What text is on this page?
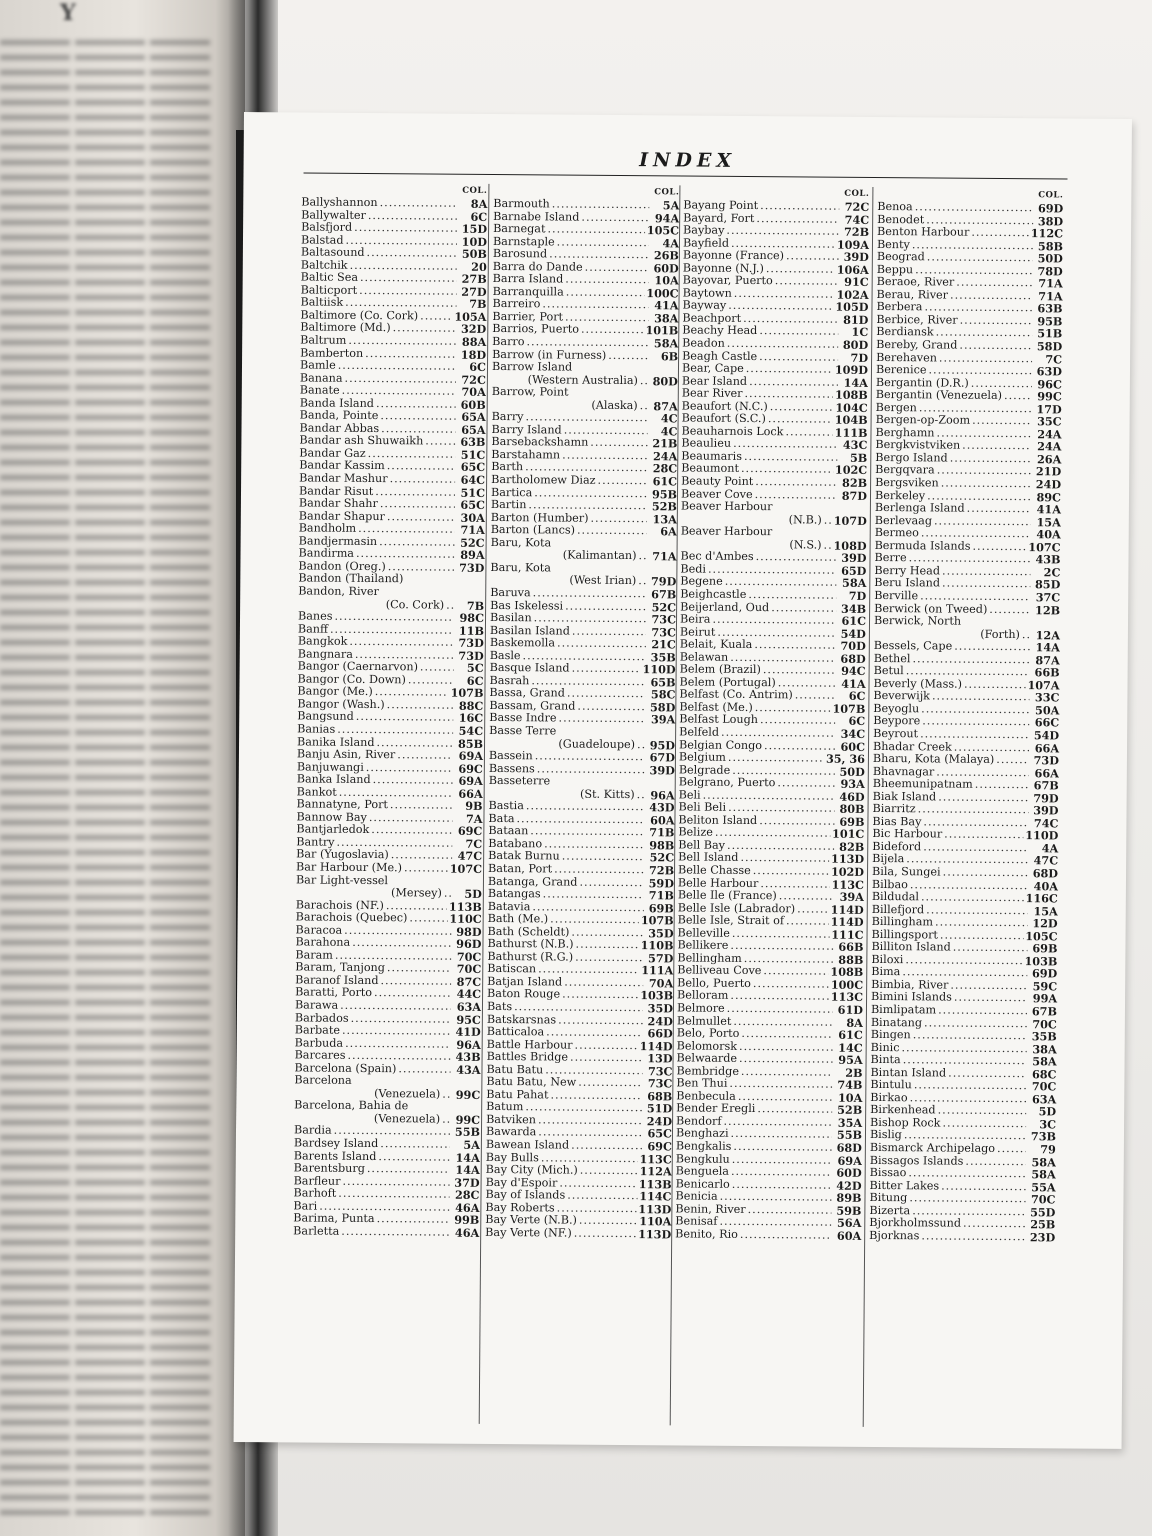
Y
INDEX
COL.
Ballyshannon .....	8A
Ballywalter .....	6C
Balsfjord .....	15D
Balstad .....	10D
Baltasound .....	50B
Baltchik .....	20
Baltic Sea .....	27B
Balticport .....	27D
Baltiisk .....	7B
Baltimore (Co. Cork) .....	105A
Baltimore (Md.) .....	32D
Baltrum .....	88A
Bamberton .....	18D
Bamle .....	6C
Banana .....	72C
Banate .....	70A
Banda Island .....	60B
Banda, Pointe .....	65A
Bandar Abbas .....	65A
Bandar ash Shuwaikh .....	63B
Bandar Gaz .....	51C
Bandar Kassim .....	65C
Bandar Mashur .....	64C
Bandar Risut .....	51C
Bandar Shahr .....	65C
Bandar Shapur .....	30A
Bandholm .....	71A
Bandjermasin .....	52C
Bandirma .....	89A
Bandon (Oreg.) .....	73D
Bandon (Thailand)
Bandon, River
(Co. Cork) .....	7B
Banes .....	98C
Banff .....	11B
Bangkok .....	73D
Bangnara .....	73D
Bangor (Caernarvon) .....	5C
Bangor (Co. Down) .....	6C
Bangor (Me.) .....	107B
Bangor (Wash.) .....	88C
Bangsund .....	16C
Banias .....	54C
Banika Island .....	85B
Banju Asin, River .....	69A
Banjuwangi .....	69C
Banka Island .....	69A
Bankot .....	66A
Bannatyne, Port .....	9B
Bannow Bay .....	7A
Bantjarledok .....	69C
Bantry .....	7C
Bar (Yugoslavia) .....	47C
Bar Harbour (Me.) .....	107C
Bar Light-vessel
(Mersey) .....	5D
Barachois (NF.) .....	113B
Barachois (Quebec) .....	110C
Baracoa .....	98D
Barahona .....	96D
Baram .....	70C
Baram, Tanjong .....	70C
Baranof Island .....	87C
Baratti, Porto .....	44C
Barawa .....	63A
Barbados .....	95C
Barbate .....	41D
Barbuda .....	96A
Barcares .....	43B
Barcelona (Spain) .....	43A
Barcelona
(Venezuela) .....	99C
Barcelona, Bahia de
(Venezuela) .....	99C
Bardia .....	55B
Bardsey Island .....	5A
Barents Island .....	14A
Barentsburg .....	14A
Barfleur .....	37D
Barhoft .....	28C
Bari .....	46A
Barima, Punta .....	99B
Barletta .....	46A
COL.
Barmouth .....	5A
Barnabe Island .....	94A
Barnegat .....	105C
Barnstaple .....	4A
Barosund .....	26B
Barra do Dande .....	60D
Barra Island .....	10A
Barranquilla .....	100C
Barreiro .....	41A
Barrier, Port .....	38A
Barrios, Puerto .....	101B
Barro .....	58A
Barrow (in Furness) .....	6B
Barrow Island
(Western Australia) ..... 80D
Barrow, Point
(Alaska) .....	87A
Barry .....	4C
Barry Island .....	4C
Barsebackshamn .....	21B
Barstahamn .....	24A
Barth .....	28C
Bartholomew Diaz .....	61C
Bartica .....	95B
Bartin .....	52B
Barton (Humber) .....	13A
Barton (Lancs) .....	6A
Baru, Kota
(Kalimantan) .....	71A
Baru, Kota
(West Irian) ..... 79D
Baruva .....	67B
Bas Iskelessi .....	52C
Basilan .....	73C
Basilan Island .....	73C
Baskemolla .....	21C
Basle .....	35B
Basque Island .....	110D
Basrah .....	65B
Bassa, Grand .....	58C
Bassam, Grand .....	58D
Basse Indre .....	39A
Basse Terre
(Guadeloupe) ..... 95D
Bassein .....	67D
Bassens .....	39D
Basseterre
(St. Kitts) .....	96A
Bastia .....	43D
Bata .....	60A
Bataan .....	71B
Batabano .....	98B
Batak Burnu .....	52C
Batan, Port .....	72B
Batanga, Grand .....	59D
Batangas .....	71B
Batavia .....	69B
Bath (Me.) .....	107B
Bath (Scheldt) .....	35D
Bathurst (N.B.) .....	110B
Bathurst (R.G.) .....	57D
Batiscan .....	111A
Batjan Island .....	70A
Baton Rouge .....	103B
Bats .....	35D
Batskarsnas .....	24D
Batticaloa .....	66D
Battle Harbour .....	114D
Battles Bridge .....	13D
Batu Batu .....	73C
Batu Batu, New .....	73C
Batu Pahat .....	68B
Batum .....	51D
Batviken .....	24D
Bawarda .....	65C
Bawean Island .....	69C
Bay Bulls .....	113C
Bay City (Mich.) .....	112A
Bay d'Espoir .....	113B
Bay of Islands .....	114C
Bay Roberts .....	113D
Bay Verte (N.B.) .....	110A
Bay Verte (NF.) .....	113D
COL.
Bayang Point .....	72C
Bayard, Fort .....	74C
Baybay .....	72B
Bayfield .....	109A
Bayonne (France) .....	39D
Bayonne (N.J.) .....	106A
Bayovar, Puerto .....	91C
Baytown .....	102A
Bayway .....	105D
Beachport .....	81D
Beachy Head .....	1C
Beadon .....	80D
Beagh Castle .....	7D
Bear, Cape .....	109D
Bear Island .....	14A
Bear River .....	108B
Beaufort (N.C.) .....	104C
Beaufort (S.C.) .....	104B
Beauharnois Lock .....	111B
Beaulieu .....	43C
Beaumaris .....	5B
Beaumont .....	102C
Beauty Point .....	82B
Beaver Cove .....	87D
Beaver Harbour
(N.B.) ..... 107D
Beaver Harbour
(N.S.) ..... 108D
Bec d'Ambes .....	39D
Bedi .....	65D
Begene .....	58A
Beighcastle .....	7D
Beijerland, Oud .....	34B
Beira .....	61C
Beirut .....	54D
Belait, Kuala .....	70D
Belawan .....	68D
Belem (Brazil) .....	94C
Belem (Portugal) .....	41A
Belfast (Co. Antrim) .....	6C
Belfast (Me.) .....	107B
Belfast Lough .....	6C
Belfeld .....	34C
Belgian Congo .....	60C
Belgium .....	35, 36
Belgrade .....	50D
Belgrano, Puerto .....	93A
Beli .....	46D
Beli Beli .....	80B
Beliton Island .....	69B
Belize .....	101C
Bell Bay .....	82B
Bell Island .....	113D
Belle Chasse .....	102D
Belle Harbour .....	113C
Belle Ile (France) .....	39A
Belle Isle (Labrador) .....	114D
Belle Isle, Strait of .....	114D
Belleville .....	111C
Bellikere .....	66B
Bellingham .....	88B
Belliveau Cove .....	108B
Bello, Puerto .....	100C
Belloram .....	113C
Belmore .....	61D
Belmullet .....	8A
Belo, Porto .....	61C
Belomorsk .....	14C
Belwaarde .....	95A
Bembridge .....	2B
Ben Thui .....	74B
Benbecula .....	10A
Bender Eregli .....	52B
Bendorf .....	35A
Benghazi .....	55B
Bengkalis .....	68D
Bengkulu .....	69A
Benguela .....	60D
Benicarlo .....	42D
Benicia .....	89B
Benin, River .....	59B
Benisaf .....	56A
Benito, Rio .....	60A
COL.
Benoa .....	69D
Benodet .....	38D
Benton Harbour .....	112C
Benty .....	58B
Beograd .....	50D
Beppu .....	78D
Beraoe, River .....	71A
Berau, River .....	71A
Berbera .....	63B
Berbice, River .....	95B
Berdiansk .....	51B
Bereby, Grand .....	58D
Berehaven .....	7C
Berenice .....	63D
Bergantin (D.R.) .....	96C
Bergantin (Venezuela) .....	99C
Bergen .....	17D
Bergen-op-Zoom .....	35C
Berghamn .....	24A
Bergkvistviken .....	24A
Bergo Island .....	26A
Bergqvara .....	21D
Bergsviken .....	24D
Berkeley .....	89C
Berlenga Island .....	41A
Berlevaag .....	15A
Bermeo .....	40A
Bermuda Islands .....	107C
Berre .....	43B
Berry Head .....	2C
Beru Island .....	85D
Berville .....	37C
Berwick (on Tweed) .....	12B
Berwick, North
(Forth) .....	12A
Bessels, Cape .....	14A
Bethel .....	87A
Betul .....	66B
Beverly (Mass.) .....	107A
Beverwijk .....	33C
Beyoglu .....	50A
Beypore .....	66C
Beyrout .....	54D
Bhadar Creek .....	66A
Bharu, Kota (Malaya) .....	73D
Bhavnagar .....	66A
Bheemunipatnam .....	67B
Biak Island .....	79D
Biarritz .....	39D
Bias Bay .....	74C
Bic Harbour .....	110D
Bideford .....	4A
Bijela .....	47C
Bila, Sungei .....	68D
Bilbao .....	40A
Bildudal .....	116C
Billefjord .....	15A
Billingham .....	12D
Billingsport .....	105C
Billiton Island .....	69B
Biloxi .....	103B
Bima .....	69D
Bimbia, River .....	59C
Bimini Islands .....	99A
Bimlipatam .....	67B
Binatang .....	70C
Bingen .....	35B
Binic .....	38A
Binta .....	58A
Bintan Island .....	68C
Bintulu .....	70C
Birkao .....	63A
Birkenhead .....	5D
Bishop Rock .....	3C
Bislig .....	73B
Bismarck Archipelago .....	79
Bissagos Islands .....	58A
Bissao .....	58A
Bitter Lakes .....	55A
Bitung .....	70C
Bizerta .....	55D
Bjorkholmssund .....	25B
Bjorknas .....	23D
